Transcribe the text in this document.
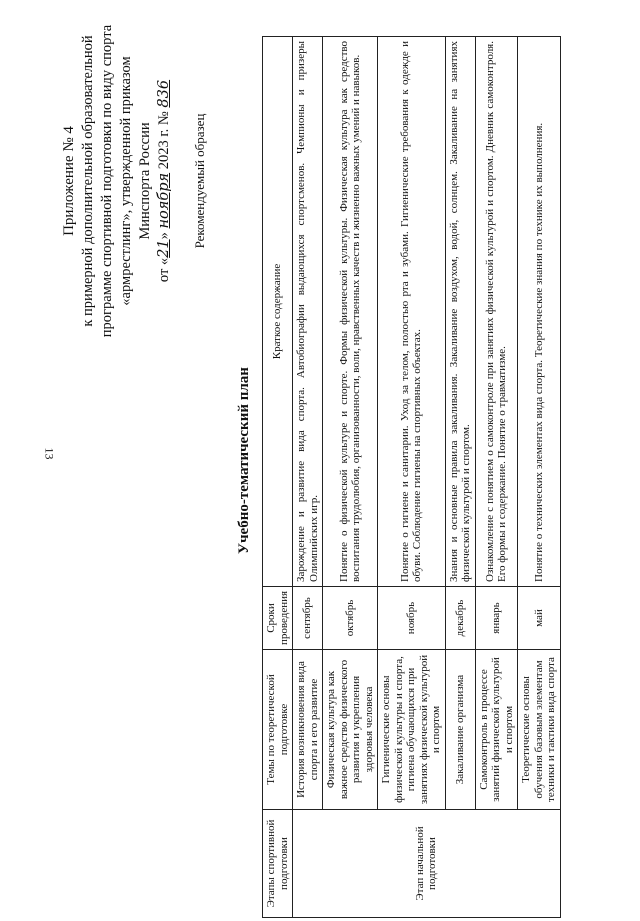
13
Приложение № 4 к примерной дополнительной образовательной программе спортивной подготовки по виду спорта «армрестлинг», утвержденной приказом Минспорта России
от «21» ноября 2023 г. № 836
Рекомендуемый образец
Учебно-тематический план
Этапы спортивной подготовки	Темы по теоретической подготовке	Сроки проведения	Краткое содержание
Этап начальной подготовки	История возникновения вида спорта и его развитие	сентябрь	Зарождение и развитие вида спорта. Автобиографии выдающихся спортсменов. Чемпионы и призеры Олимпийских игр.
	Физическая культура как важное средство физического развития и укрепления здоровья человека	октябрь	Понятие о физической культуре и спорте. Формы физической культуры. Физическая культура как средство воспитания трудолюбия, организованности, воли, нравственных качеств и жизненно важных умений и навыков.
	Гигиенические основы физической культуры и спорта, гигиена обучающихся при занятиях физической культурой и спортом	ноябрь	Понятие о гигиене и санитарии. Уход за телом, полостью рта и зубами. Гигиенические требования к одежде и обуви. Соблюдение гигиены на спортивных объектах.
	Закаливание организма	декабрь	Знания и основные правила закаливания. Закаливание воздухом, водой, солнцем. Закаливание на занятиях физической культурой и спортом.
	Самоконтроль в процессе занятий физической культурой и спортом	январь	Ознакомление с понятием о самоконтроле при занятиях физической культурой и спортом. Дневник самоконтроля. Его формы и содержание. Понятие о травматизме.
	Теоретические основы обучения базовым элементам техники и тактики вида спорта	май	Понятие о технических элементах вида спорта. Теоретические знания по технике их выполнения.
